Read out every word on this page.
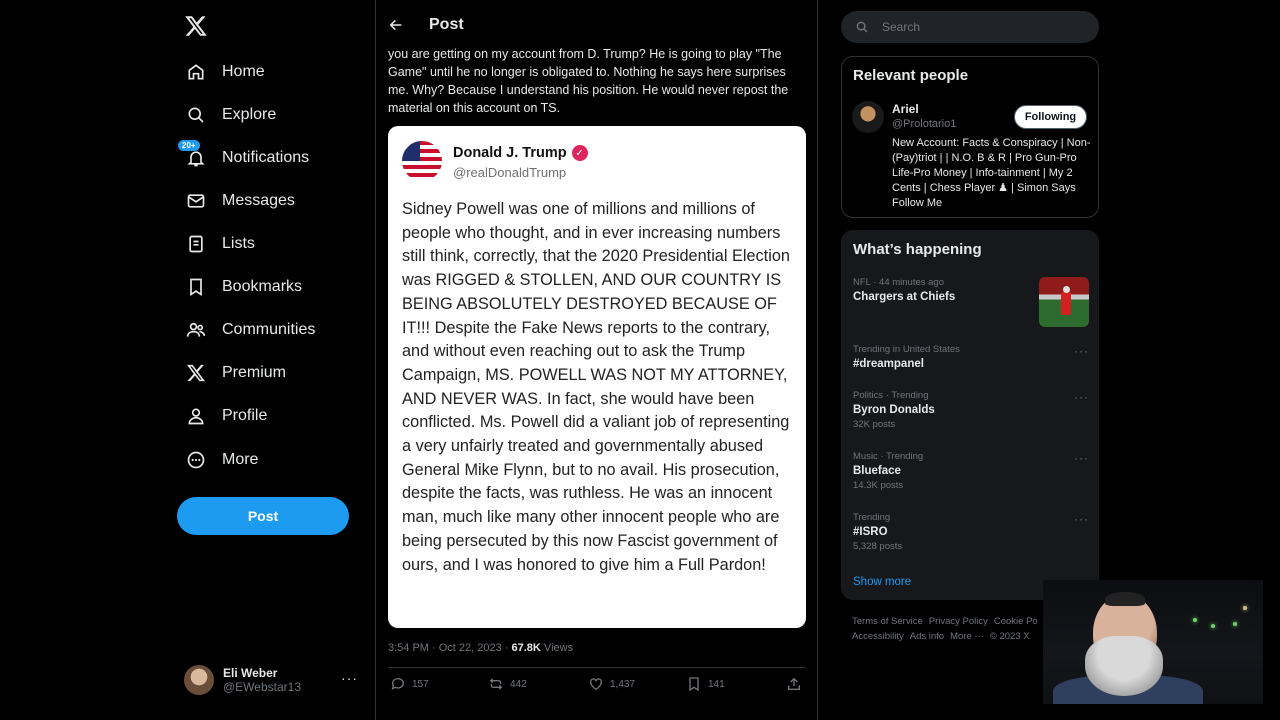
Home
Explore
20+
Notifications
Messages
Lists
Bookmarks
Communities
Premium
Profile
More
Post
Eli Weber
@EWebstar13
···
Post
you are getting on my account from D. Trump? He is going to play "The Game" until he no longer is obligated to. Nothing he says here surprises me. Why? Because I understand his position. He would never repost the material on this account on TS.
Donald J. Trump ✓
@realDonaldTrump
Sidney Powell was one of millions and millions of people who thought, and in ever increasing numbers still think, correctly, that the 2020 Presidential Election was RIGGED & STOLLEN, AND OUR COUNTRY IS BEING ABSOLUTELY DESTROYED BECAUSE OF IT!!! Despite the Fake News reports to the contrary, and without even reaching out to ask the Trump Campaign, MS. POWELL WAS NOT MY ATTORNEY, AND NEVER WAS. In fact, she would have been conflicted. Ms. Powell did a valiant job of representing a very unfairly treated and governmentally abused General Mike Flynn, but to no avail. His prosecution, despite the facts, was ruthless. He was an innocent man, much like many other innocent people who are being persecuted by this now Fascist government of ours, and I was honored to give him a Full Pardon!
3:54 PM · Oct 22, 2023 · 67.8K Views
157	442	1,437	141
Search
Relevant people
Ariel
@Prolotario1
Following
New Account: Facts & Conspiracy | Non-(Pay)triot | | N.O. B & R | Pro Gun-Pro Life-Pro Money | Info-tainment | My 2 Cents | Chess Player ♟ | Simon Says Follow Me
What’s happening
NFL · 44 minutes ago
Chargers at Chiefs
Trending in United States
#dreampanel
···
Politics · Trending
Byron Donalds
32K posts
···
Music · Trending
Blueface
14.3K posts
···
Trending
#ISRO
5,328 posts
···
Show more
Terms of Service Privacy Policy Cookie Po
Accessibility Ads info More ··· © 2023 X
